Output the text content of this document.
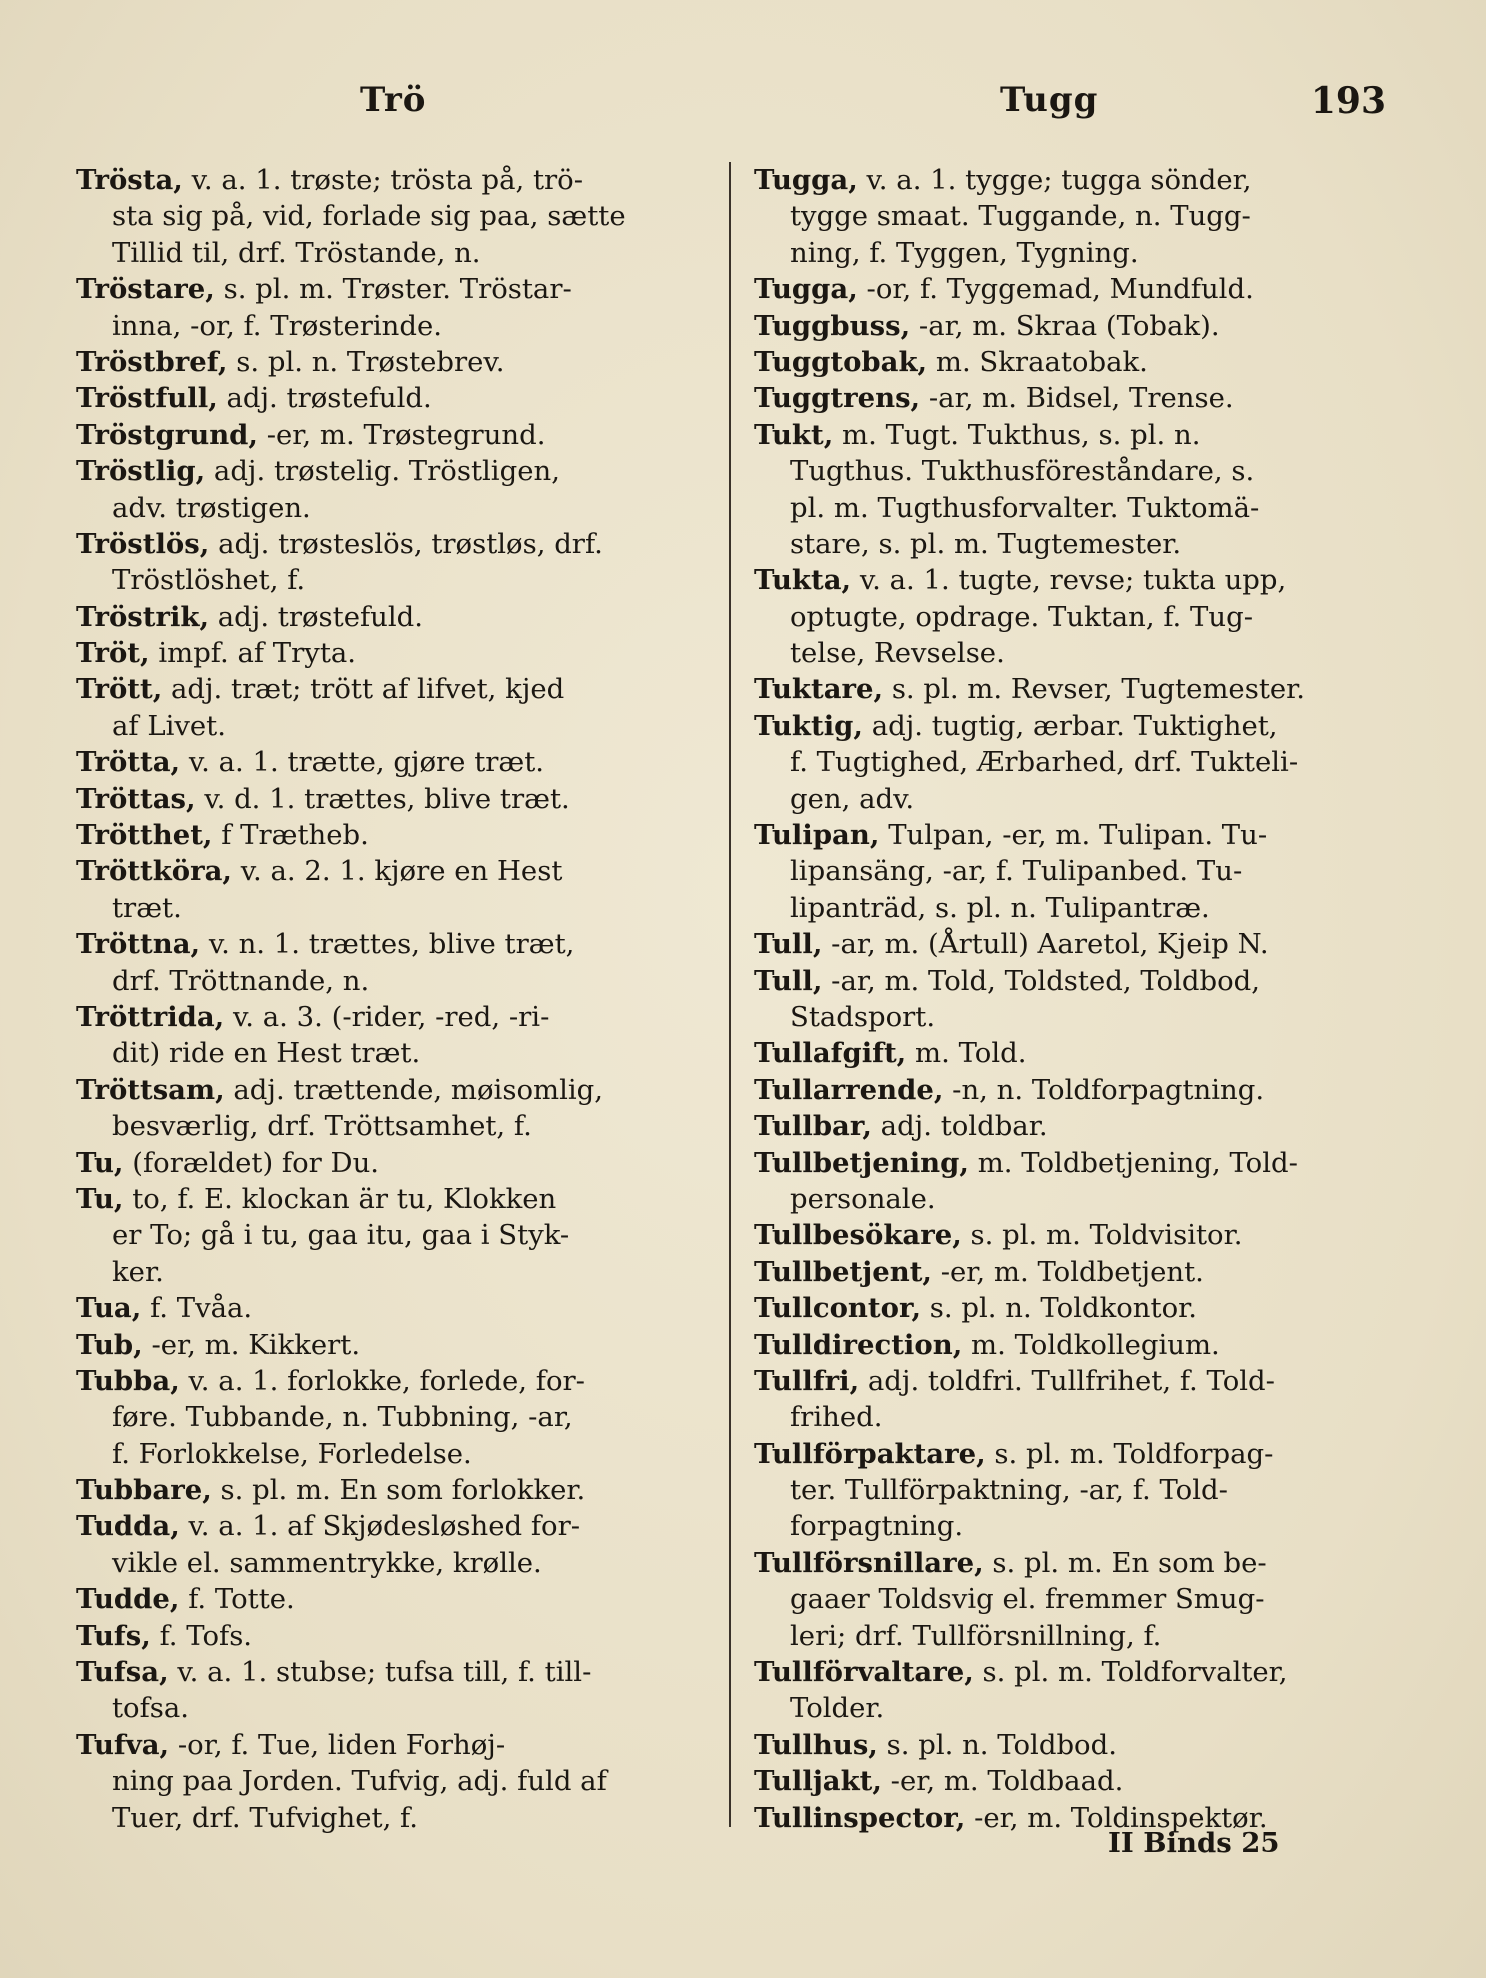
Trö	Tugg	193
Trösta, v. a. 1. trøste; trösta på, trö-
sta sig på, vid, forlade sig paa, sætte
Tillid til, drf. Tröstande, n.
Tröstare, s. pl. m. Trøster. Tröstar-
inna, -or, f. Trøsterinde.
Tröstbref, s. pl. n. Trøstebrev.
Tröstfull, adj. trøstefuld.
Tröstgrund, -er, m. Trøstegrund.
Tröstlig, adj. trøstelig. Tröstligen,
adv. trøstigen.
Tröstlös, adj. trøsteslös, trøstløs, drf.
Tröstlöshet, f.
Tröstrik, adj. trøstefuld.
Tröt, impf. af Tryta.
Trött, adj. træt; trött af lifvet, kjed
af Livet.
Trötta, v. a. 1. trætte, gjøre træt.
Tröttas, v. d. 1. trættes, blive træt.
Trötthet, f Trætheb.
Tröttköra, v. a. 2. 1. kjøre en Hest
træt.
Tröttna, v. n. 1. trættes, blive træt,
drf. Tröttnande, n.
Tröttrida, v. a. 3. (-rider, -red, -ri-
dit) ride en Hest træt.
Tröttsam, adj. trættende, møisomlig,
besværlig, drf. Tröttsamhet, f.
Tu, (forældet) for Du.
Tu, to, f. E. klockan är tu, Klokken
er To; gå i tu, gaa itu, gaa i Styk-
ker.
Tua, f. Tvåa.
Tub, -er, m. Kikkert.
Tubba, v. a. 1. forlokke, forlede, for-
føre. Tubbande, n. Tubbning, -ar,
f. Forlokkelse, Forledelse.
Tubbare, s. pl. m. En som forlokker.
Tudda, v. a. 1. af Skjødesløshed for-
vikle el. sammentrykke, krølle.
Tudde, f. Totte.
Tufs, f. Tofs.
Tufsa, v. a. 1. stubse; tufsa till, f. till-
tofsa.
Tufva, -or, f. Tue, liden Forhøj-
ning paa Jorden. Tufvig, adj. fuld af
Tuer, drf. Tufvighet, f.
Tugga, v. a. 1. tygge; tugga sönder,
tygge smaat. Tuggande, n. Tugg-
ning, f. Tyggen, Tygning.
Tugga, -or, f. Tyggemad, Mundfuld.
Tuggbuss, -ar, m. Skraa (Tobak).
Tuggtobak, m. Skraatobak.
Tuggtrens, -ar, m. Bidsel, Trense.
Tukt, m. Tugt. Tukthus, s. pl. n.
Tugthus. Tukthusföreståndare, s.
pl. m. Tugthusforvalter. Tuktomä-
stare, s. pl. m. Tugtemester.
Tukta, v. a. 1. tugte, revse; tukta upp,
optugte, opdrage. Tuktan, f. Tug-
telse, Revselse.
Tuktare, s. pl. m. Revser, Tugtemester.
Tuktig, adj. tugtig, ærbar. Tuktighet,
f. Tugtighed, Ærbarhed, drf. Tukteli-
gen, adv.
Tulipan, Tulpan, -er, m. Tulipan. Tu-
lipansäng, -ar, f. Tulipanbed. Tu-
lipanträd, s. pl. n. Tulipantræ.
Tull, -ar, m. (Årtull) Aaretol, Kjeip N.
Tull, -ar, m. Told, Toldsted, Toldbod,
Stadsport.
Tullafgift, m. Told.
Tullarrende, -n, n. Toldforpagtning.
Tullbar, adj. toldbar.
Tullbetjening, m. Toldbetjening, Told-
personale.
Tullbesökare, s. pl. m. Toldvisitor.
Tullbetjent, -er, m. Toldbetjent.
Tullcontor, s. pl. n. Toldkontor.
Tulldirection, m. Toldkollegium.
Tullfri, adj. toldfri. Tullfrihet, f. Told-
frihed.
Tullförpaktare, s. pl. m. Toldforpag-
ter. Tullförpaktning, -ar, f. Told-
forpagtning.
Tullförsnillare, s. pl. m. En som be-
gaaer Toldsvig el. fremmer Smug-
leri; drf. Tullförsnillning, f.
Tullförvaltare, s. pl. m. Toldforvalter,
Tolder.
Tullhus, s. pl. n. Toldbod.
Tulljakt, -er, m. Toldbaad.
Tullinspector, -er, m. Toldinspektør.
II Binds 25
